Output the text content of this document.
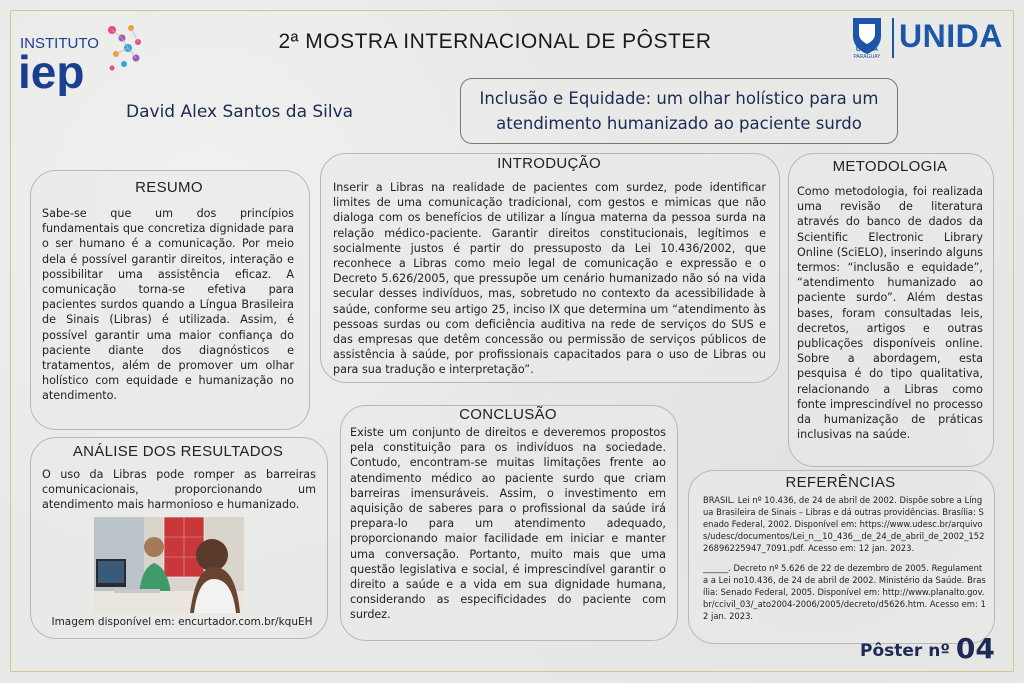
INSTITUTO
iep
2ª MOSTRA INTERNACIONAL DE PÔSTER	UNIDA
PARAGUAY
UNIDA
David Alex Santos da Silva
Inclusão e Equidade: um olhar holístico para um
atendimento humanizado ao paciente surdo
RESUMO
Sabe-se que um dos princípios fundamentais que concretiza dignidade para o ser humano é a comunicação. Por meio dela é possível garantir direitos, interação e possibilitar uma assistência eficaz. A comunicação torna-se efetiva para pacientes surdos quando a Língua Brasileira de Sinais (Libras) é utilizada. Assim, é possível garantir uma maior confiança do paciente diante dos diagnósticos e tratamentos, além de promover um olhar holístico com equidade e humanização no atendimento.
ANÁLISE DOS RESULTADOS
O uso da Libras pode romper as barreiras comunicacionais, proporcionando um atendimento mais harmonioso e humanizado.
Imagem disponível em: encurtador.com.br/kquEH
INTRODUÇÃO
Inserir a Libras na realidade de pacientes com surdez, pode identificar limites de uma comunicação tradicional, com gestos e mimicas que não dialoga com os benefícios de utilizar a língua materna da pessoa surda na relação médico-paciente. Garantir direitos constitucionais, legítimos e socialmente justos é partir do pressuposto da Lei 10.436/2002, que reconhece a Libras como meio legal de comunicação e expressão e o Decreto 5.626/2005, que pressupõe um cenário humanizado não só na vida secular desses indivíduos, mas, sobretudo no contexto da acessibilidade à saúde, conforme seu artigo 25, inciso IX que determina um “atendimento às pessoas surdas ou com deficiência auditiva na rede de serviços do SUS e das empresas que detêm concessão ou permissão de serviços públicos de assistência à saúde, por profissionais capacitados para o uso de Libras ou para sua tradução e interpretação”.
CONCLUSÃO
Existe um conjunto de direitos e deveremos propostos pela constituição para os indivíduos na sociedade. Contudo, encontram-se muitas limitações frente ao atendimento médico ao paciente surdo que criam barreiras imensuráveis. Assim, o investimento em aquisição de saberes para o profissional da saúde irá prepara-lo para um atendimento adequado, proporcionando maior facilidade em iniciar e manter uma conversação. Portanto, muito mais que uma questão legislativa e social, é imprescindível garantir o direito a saúde e a vida em sua dignidade humana, considerando as especificidades do paciente com surdez.
METODOLOGIA
Como metodologia, foi realizada uma revisão de literatura através do banco de dados da Scientific Electronic Library Online (SciELO), inserindo alguns termos: “inclusão e equidade”, “atendimento humanizado ao paciente surdo”. Além destas bases, foram consultadas leis, decretos, artigos e outras publicações disponíveis online. Sobre a abordagem, esta pesquisa é do tipo qualitativa, relacionando a Libras como fonte imprescindível no processo da humanização de práticas inclusivas na saúde.
REFERÊNCIAS

BRASIL. Lei nº 10.436, de 24 de abril de 2002. Dispõe sobre a Língua Brasileira de Sinais – Libras e dá outras providências. Brasília: Senado Federal, 2002. Disponível em: https://www.udesc.br/arquivos/udesc/documentos/Lei_n__10_436__de_24_de_abril_de_2002_15226896225947_7091.pdf. Acesso em: 12 jan. 2023.

______. Decreto nº 5.626 de 22 de dezembro de 2005. Regulamenta a Lei no10.436, de 24 de abril de 2002. Ministério da Saúde. Brasília: Senado Federal, 2005. Disponível em: http://www.planalto.gov.br/ccivil_03/_ato2004-2006/2005/decreto/d5626.htm. Acesso em: 12 jan. 2023.

Pôster nº 04
